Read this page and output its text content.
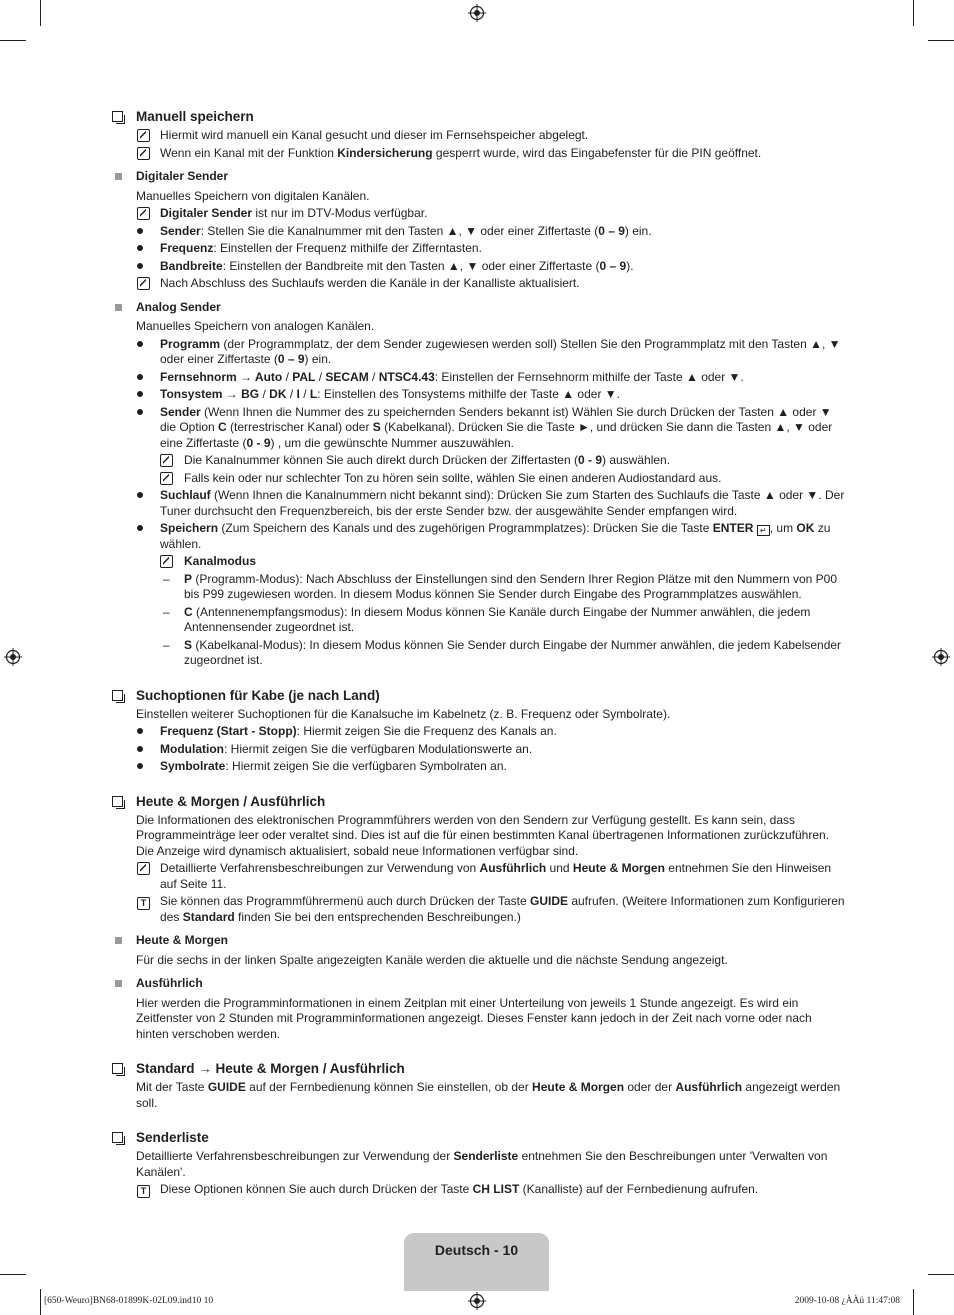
Manuell speichern
Hiermit wird manuell ein Kanal gesucht und dieser im Fernsehspeicher abgelegt.
Wenn ein Kanal mit der Funktion Kindersicherung gesperrt wurde, wird das Eingabefenster für die PIN geöffnet.
Digitaler Sender
Manuelles Speichern von digitalen Kanälen.
Digitaler Sender ist nur im DTV-Modus verfügbar.
Sender: Stellen Sie die Kanalnummer mit den Tasten ▲, ▼ oder einer Ziffertaste (0 – 9) ein.
Frequenz: Einstellen der Frequenz mithilfe der Zifferntasten.
Bandbreite: Einstellen der Bandbreite mit den Tasten ▲, ▼ oder einer Ziffertaste (0 – 9).
Nach Abschluss des Suchlaufs werden die Kanäle in der Kanalliste aktualisiert.
Analog Sender
Manuelles Speichern von analogen Kanälen.
Programm (der Programmplatz, der dem Sender zugewiesen werden soll) Stellen Sie den Programmplatz mit den Tasten ▲, ▼ oder einer Ziffertaste (0 – 9) ein.
Fernsehnorm → Auto / PAL / SECAM / NTSC4.43: Einstellen der Fernsehnorm mithilfe der Taste ▲ oder ▼.
Tonsystem → BG / DK / I / L: Einstellen des Tonsystems mithilfe der Taste ▲ oder ▼.
Sender (Wenn Ihnen die Nummer des zu speichernden Senders bekannt ist) Wählen Sie durch Drücken der Tasten ▲ oder ▼ die Option C (terrestrischer Kanal) oder S (Kabelkanal). Drücken Sie die Taste ►, und drücken Sie dann die Tasten ▲, ▼ oder eine Ziffertaste (0 - 9) , um die gewünschte Nummer auszuwählen.
Die Kanalnummer können Sie auch direkt durch Drücken der Ziffertasten (0 - 9) auswählen.
Falls kein oder nur schlechter Ton zu hören sein sollte, wählen Sie einen anderen Audiostandard aus.
Suchlauf (Wenn Ihnen die Kanalnummern nicht bekannt sind): Drücken Sie zum Starten des Suchlaufs die Taste ▲ oder ▼. Der Tuner durchsucht den Frequenzbereich, bis der erste Sender bzw. der ausgewählte Sender empfangen wird.
Speichern (Zum Speichern des Kanals und des zugehörigen Programmplatzes): Drücken Sie die Taste ENTER ↵ , um OK zu wählen.
Kanalmodus
–	P (Programm-Modus): Nach Abschluss der Einstellungen sind den Sendern Ihrer Region Plätze mit den Nummern von P00 bis P99 zugewiesen worden. In diesem Modus können Sie Sender durch Eingabe des Programmplatzes auswählen.
–	C (Antennenempfangsmodus): In diesem Modus können Sie Kanäle durch Eingabe der Nummer anwählen, die jedem Antennensender zugeordnet ist.
–	S (Kabelkanal-Modus): In diesem Modus können Sie Sender durch Eingabe der Nummer anwählen, die jedem Kabelsender zugeordnet ist.
Suchoptionen für Kabe (je nach Land)
Einstellen weiterer Suchoptionen für die Kanalsuche im Kabelnetz (z. B. Frequenz oder Symbolrate).
Frequenz (Start - Stopp): Hiermit zeigen Sie die Frequenz des Kanals an.
Modulation: Hiermit zeigen Sie die verfügbaren Modulationswerte an.
Symbolrate: Hiermit zeigen Sie die verfügbaren Symbolraten an.
Heute & Morgen / Ausführlich
Die Informationen des elektronischen Programmführers werden von den Sendern zur Verfügung gestellt. Es kann sein, dass Programmeinträge leer oder veraltet sind. Dies ist auf die für einen bestimmten Kanal übertragenen Informationen zurückzuführen. Die Anzeige wird dynamisch aktualisiert, sobald neue Informationen verfügbar sind.
Detaillierte Verfahrensbeschreibungen zur Verwendung von Ausführlich und Heute & Morgen entnehmen Sie den Hinweisen auf Seite 11.
T	Sie können das Programmführermenü auch durch Drücken der Taste GUIDE aufrufen. (Weitere Informationen zum Konfigurieren des Standard finden Sie bei den entsprechenden Beschreibungen.)
Heute & Morgen
Für die sechs in der linken Spalte angezeigten Kanäle werden die aktuelle und die nächste Sendung angezeigt.
Ausführlich
Hier werden die Programminformationen in einem Zeitplan mit einer Unterteilung von jeweils 1 Stunde angezeigt. Es wird ein Zeitfenster von 2 Stunden mit Programminformationen angezeigt. Dieses Fenster kann jedoch in der Zeit nach vorne oder nach hinten verschoben werden.
Standard → Heute & Morgen / Ausführlich
Mit der Taste GUIDE auf der Fernbedienung können Sie einstellen, ob der Heute & Morgen oder der Ausführlich angezeigt werden soll.
Senderliste
Detaillierte Verfahrensbeschreibungen zur Verwendung der Senderliste entnehmen Sie den Beschreibungen unter 'Verwalten von Kanälen'.
T	Diese Optionen können Sie auch durch Drücken der Taste CH LIST (Kanalliste) auf der Fernbedienung aufrufen.
Deutsch - 10
[650-Weuro]BN68-01899K-02L09.ind10 10	2009-10-08 ¿ÀÀü 11:47:08
